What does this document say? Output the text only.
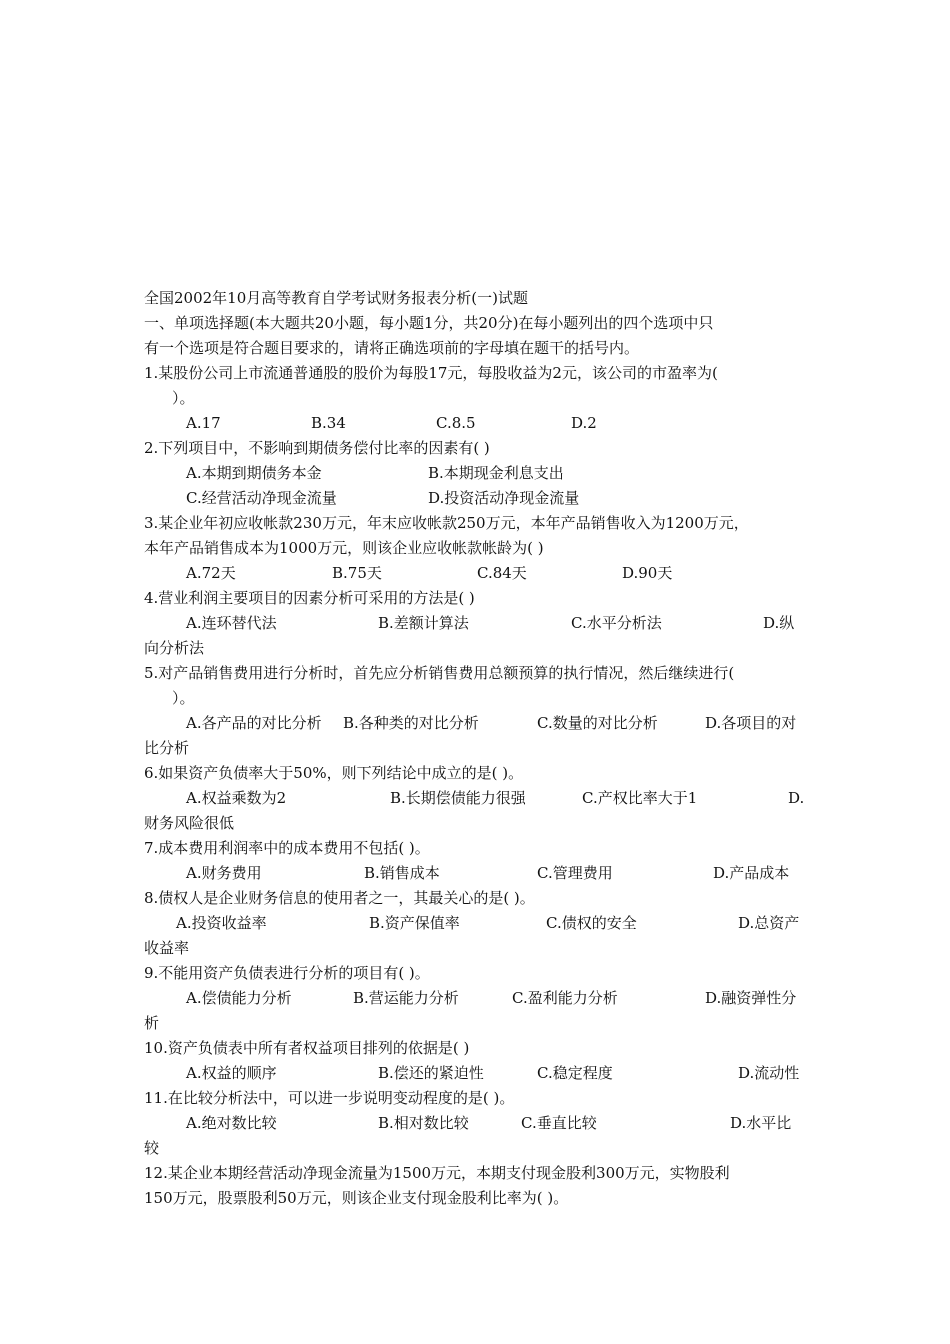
全国2002年10月高等教育自学考试财务报表分析(一)试题
一、单项选择题(本大题共20小题，每小题1分，共20分)在每小题列出的四个选项中只
有一个选项是符合题目要求的，请将正确选项前的字母填在题干的括号内。
1.某股份公司上市流通普通股的股价为每股17元，每股收益为2元，该公司的市盈率为(
）。
A.17	B.34	C.8.5	D.2
2.下列项目中，不影响到期债务偿付比率的因素有( )
A.本期到期债务本金	B.本期现金利息支出
C.经营活动净现金流量	D.投资活动净现金流量
3.某企业年初应收帐款230万元，年末应收帐款250万元，本年产品销售收入为1200万元，
本年产品销售成本为1000万元，则该企业应收帐款帐龄为( )
A.72天	B.75天	C.84天	D.90天
4.营业利润主要项目的因素分析可采用的方法是( )
A.连环替代法	B.差额计算法	C.水平分析法	D.纵
向分析法
5.对产品销售费用进行分析时，首先应分析销售费用总额预算的执行情况，然后继续进行(
）。
A.各产品的对比分析 B.各种类的对比分析	C.数量的对比分析	D.各项目的对
比分析
6.如果资产负债率大于50%，则下列结论中成立的是( )。
A.权益乘数为2	B.长期偿债能力很强	C.产权比率大于1	D.
财务风险很低
7.成本费用利润率中的成本费用不包括( )。
A.财务费用	B.销售成本	C.管理费用	D.产品成本
8.债权人是企业财务信息的使用者之一，其最关心的是( )。
A.投资收益率	B.资产保值率	C.债权的安全	D.总资产
收益率
9.不能用资产负债表进行分析的项目有( )。
A.偿债能力分析	B.营运能力分析	C.盈利能力分析	D.融资弹性分
析
10.资产负债表中所有者权益项目排列的依据是( )
A.权益的顺序	B.偿还的紧迫性	C.稳定程度	D.流动性
11.在比较分析法中，可以进一步说明变动程度的是( )。
A.绝对数比较	B.相对数比较	C.垂直比较	D.水平比
较
12.某企业本期经营活动净现金流量为1500万元，本期支付现金股利300万元，实物股利
150万元，股票股利50万元，则该企业支付现金股利比率为( )。
